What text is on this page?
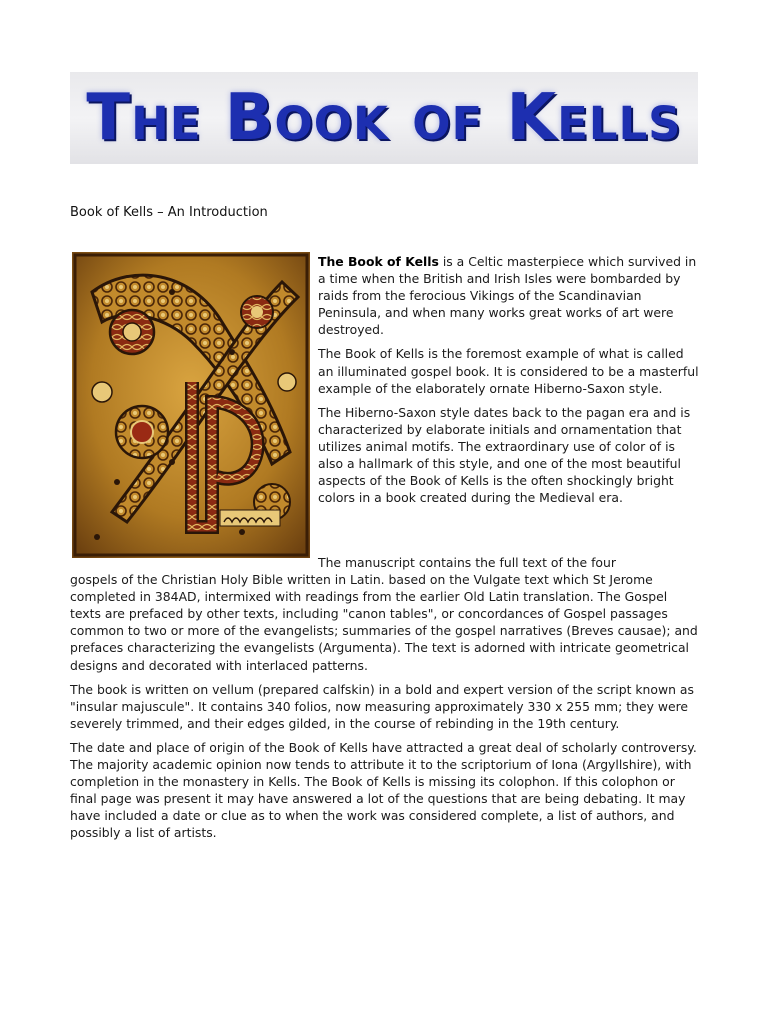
The Book of Kells
Book of Kells – An Introduction

The Book of Kells is a Celtic masterpiece which survived in a time when the British and Irish Isles were bombarded by raids from the ferocious Vikings of the Scandinavian Peninsula, and when many works great works of art were destroyed.

The Book of Kells is the foremost example of what is called an illuminated gospel book. It is considered to be a masterful example of the elaborately ornate Hiberno-Saxon style.

The Hiberno-Saxon style dates back to the pagan era and is characterized by elaborate initials and ornamentation that utilizes animal motifs. The extraordinary use of color of is also a hallmark of this style, and one of the most beautiful aspects of the Book of Kells is the often shockingly bright colors in a book created during the Medieval era.

The manuscript contains the full text of the four
gospels of the Christian Holy Bible written in Latin. based on the Vulgate text which St Jerome completed in 384AD, intermixed with readings from the earlier Old Latin translation. The Gospel texts are prefaced by other texts, including "canon tables", or concordances of Gospel passages common to two or more of the evangelists; summaries of the gospel narratives (Breves causae); and prefaces characterizing the evangelists (Argumenta). The text is adorned with intricate geometrical designs and decorated with interlaced patterns.

The book is written on vellum (prepared calfskin) in a bold and expert version of the script known as "insular majuscule". It contains 340 folios, now measuring approximately 330 x 255 mm; they were severely trimmed, and their edges gilded, in the course of rebinding in the 19th century.

The date and place of origin of the Book of Kells have attracted a great deal of scholarly controversy. The majority academic opinion now tends to attribute it to the scriptorium of Iona (Argyllshire), with completion in the monastery in Kells. The Book of Kells is missing its colophon. If this colophon or final page was present it may have answered a lot of the questions that are being debating. It may have included a date or clue as to when the work was considered complete, a list of authors, and possibly a list of artists.
